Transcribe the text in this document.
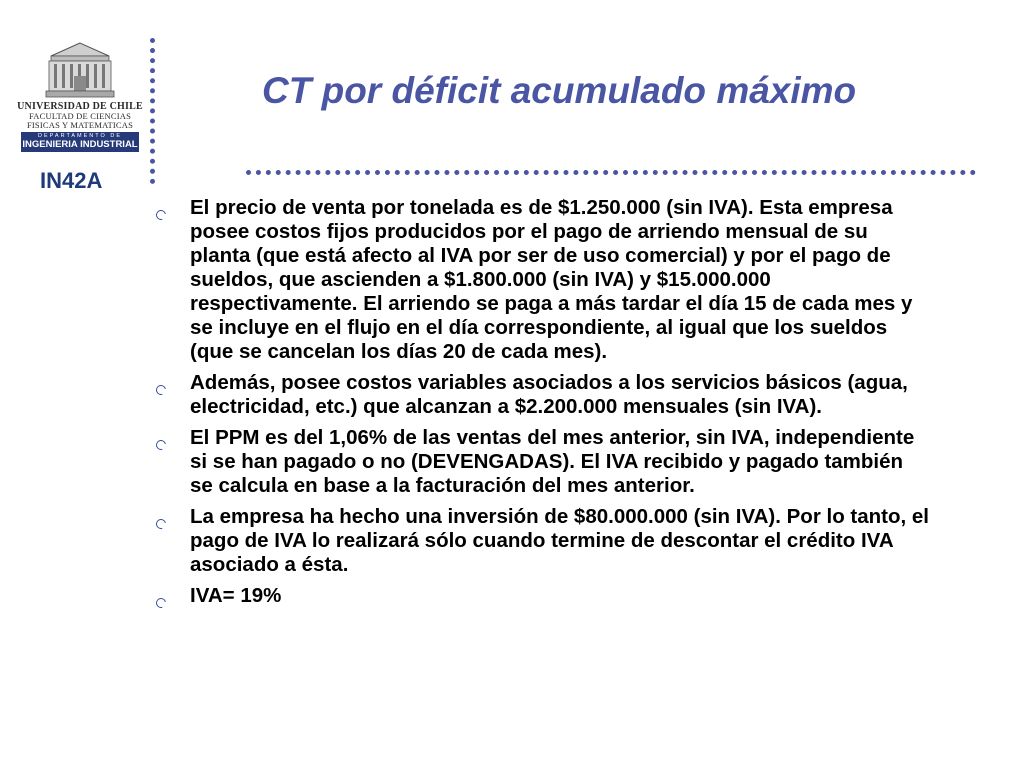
UNIVERSIDAD DE CHILE
FACULTAD DE CIENCIAS
FISICAS Y MATEMATICAS
DEPARTAMENTO DE
INGENIERIA INDUSTRIAL
IN42A
CT por déficit acumulado máximo
El precio de venta por tonelada es de $1.250.000 (sin IVA). Esta empresa posee costos fijos producidos por el pago de arriendo mensual de su planta (que está afecto al IVA por ser de uso comercial) y por el pago de sueldos, que ascienden a $1.800.000 (sin IVA) y $15.000.000 respectivamente. El arriendo se paga a más tardar el día 15 de cada mes y se incluye en el flujo en el día correspondiente, al igual que los sueldos (que se cancelan los días 20 de cada mes).
Además, posee costos variables asociados a los servicios básicos (agua, electricidad, etc.) que alcanzan a $2.200.000 mensuales (sin IVA).
El PPM es del 1,06% de las ventas del mes anterior, sin IVA, independiente si se han pagado o no (DEVENGADAS). El IVA recibido y pagado también se calcula en base a la facturación del mes anterior.
La empresa ha hecho una inversión de $80.000.000 (sin IVA). Por lo tanto, el pago de IVA lo realizará sólo cuando termine de descontar el crédito IVA asociado a ésta.
IVA= 19%
